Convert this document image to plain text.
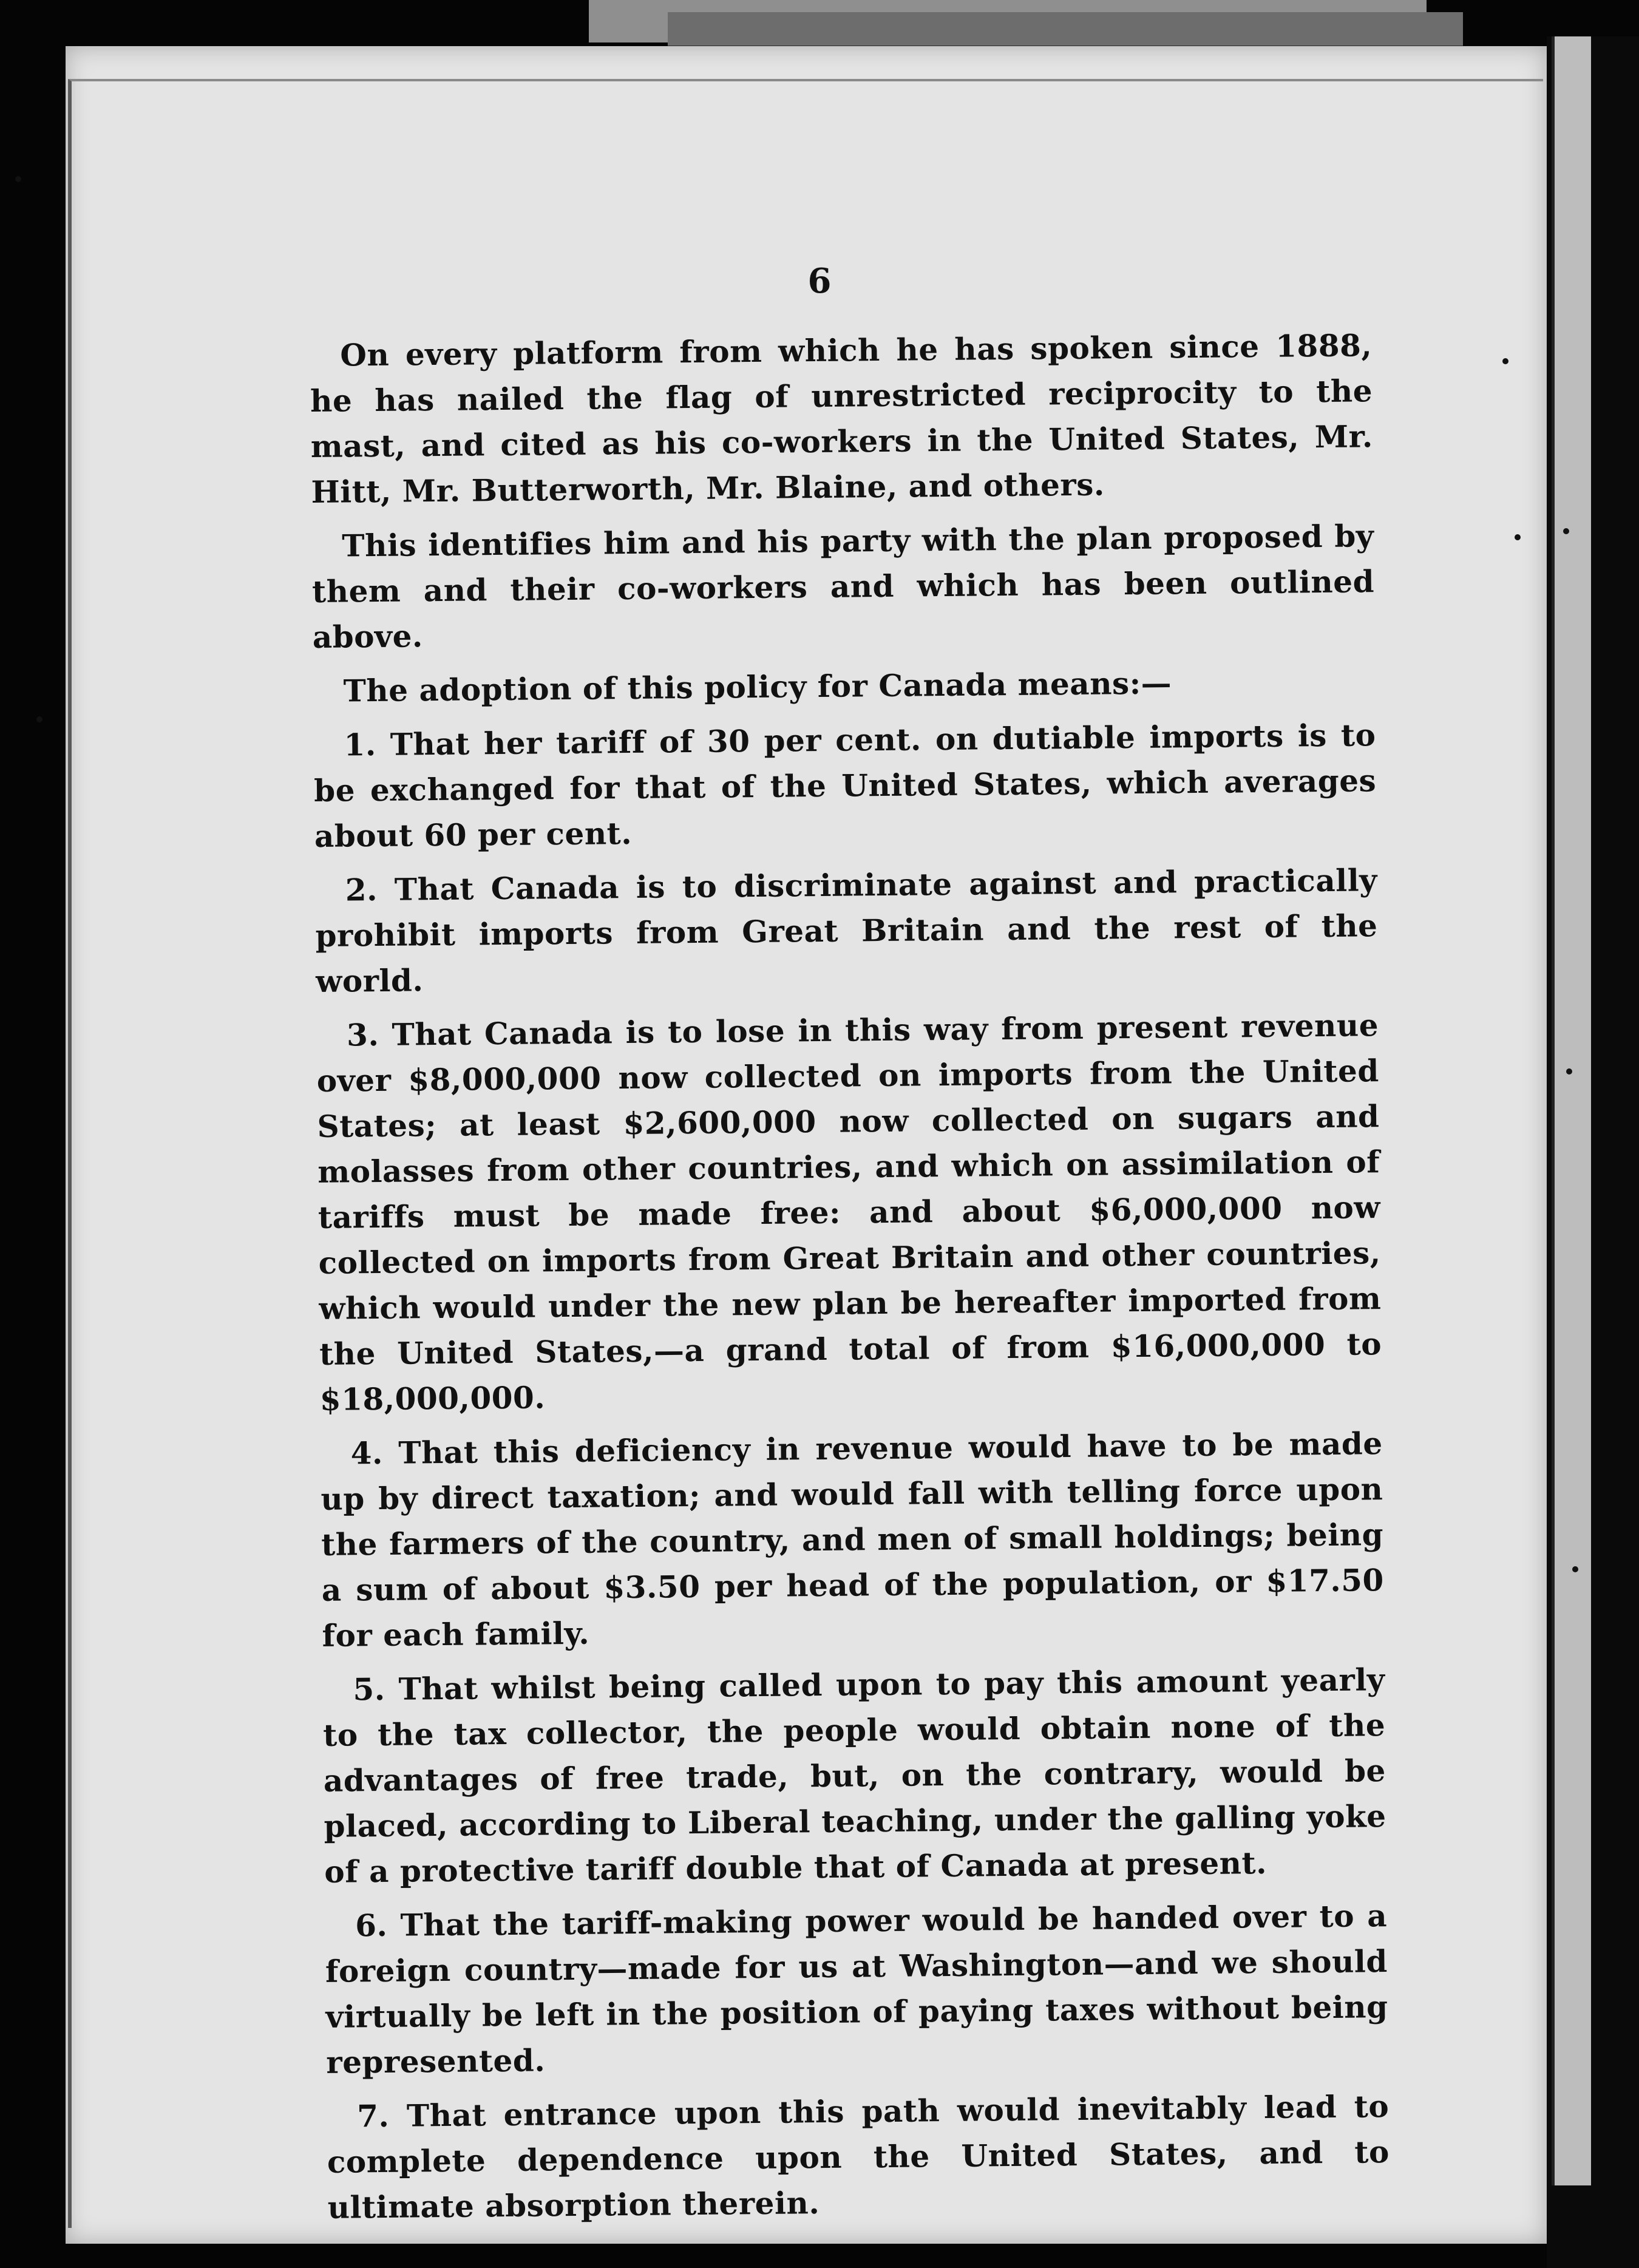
6

On every platform from which he has spoken since 1888, he has nailed the flag of unrestricted reciprocity to the mast, and cited as his co-workers in the United States, Mr. Hitt, Mr. Butterworth, Mr. Blaine, and others.

This identifies him and his party with the plan proposed by them and their co-workers and which has been outlined above.

The adoption of this policy for Canada means:—

1. That her tariff of 30 per cent. on dutiable imports is to be exchanged for that of the United States, which averages about 60 per cent.

2. That Canada is to discriminate against and practically prohibit imports from Great Britain and the rest of the world.

3. That Canada is to lose in this way from present revenue over $8,000,000 now collected on imports from the United States; at least $2,600,000 now collected on sugars and molasses from other countries, and which on assimilation of tariffs must be made free: and about $6,000,000 now collected on imports from Great Britain and other countries, which would under the new plan be hereafter imported from the United States,—a grand total of from $16,000,000 to $18,000,000.

4. That this deficiency in revenue would have to be made up by direct taxation; and would fall with telling force upon the farmers of the country, and men of small holdings; being a sum of about $3.50 per head of the population, or $17.50 for each family.

5. That whilst being called upon to pay this amount yearly to the tax collector, the people would obtain none of the advantages of free trade, but, on the contrary, would be placed, according to Liberal teaching, under the galling yoke of a protective tariff double that of Canada at present.

6. That the tariff-making power would be handed over to a foreign country—made for us at Washington—and we should virtually be left in the position of paying taxes without being represented.

7. That entrance upon this path would inevitably lead to complete dependence upon the United States, and to ultimate absorption therein.
